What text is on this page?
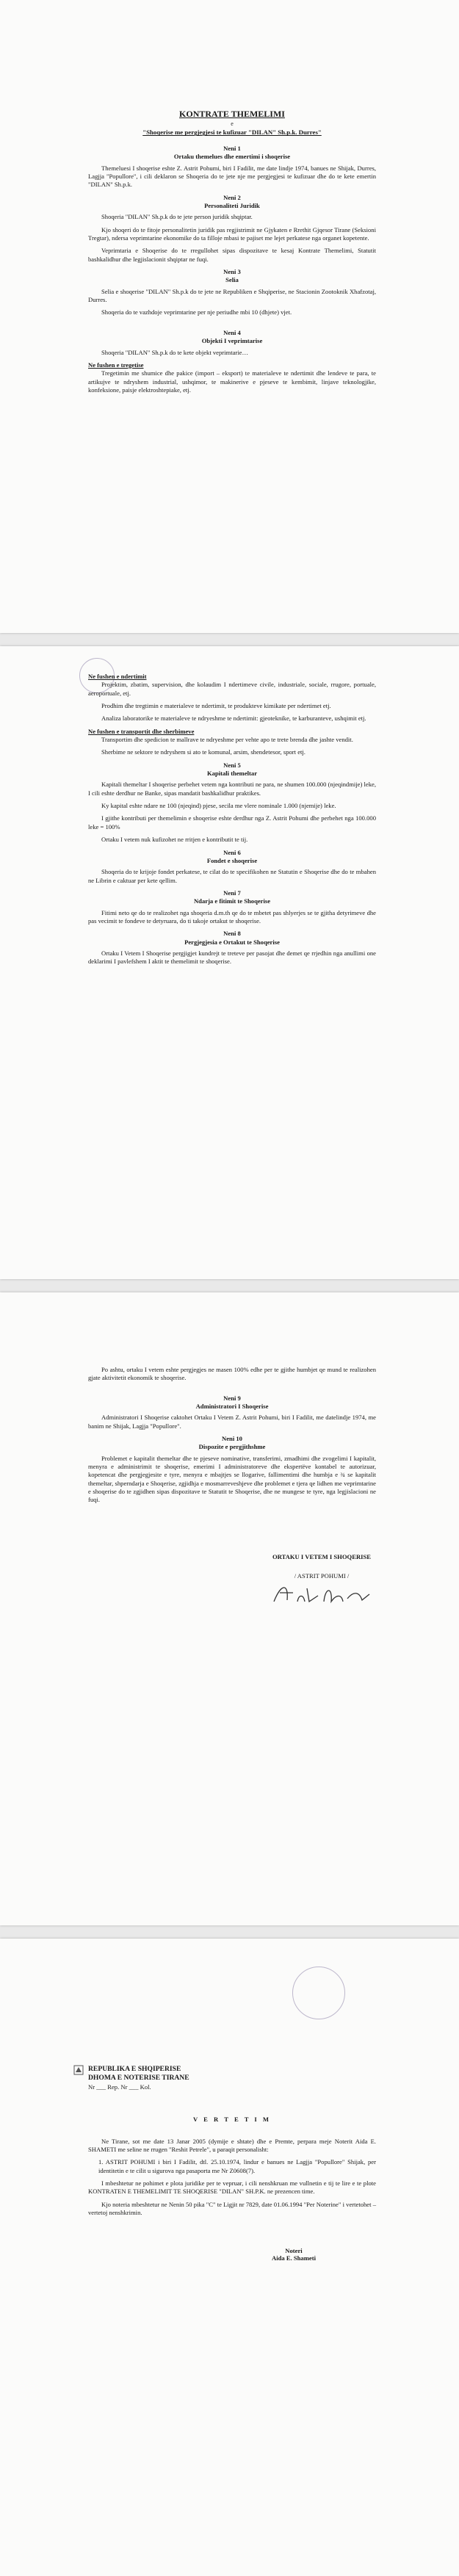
KONTRATE THEMELIMI

e

"Shoqerise me pergjegjesi te kufizuar "DILAN" Sh.p.k. Durres"

Neni 1

Ortaku themelues dhe emertimi i shoqerise

Themeluesi I shoqerise eshte Z. Astrit Pohumi, biri I Fadilit, me date lindje 1974, banues ne Shijak, Durres, Lagjja "Popullore", i cili deklaron se Shoqeria do te jete nje me pergjegjesi te kufizuar dhe do te kete emertin "DILAN" Sh.p.k.

Neni 2

Personaliteti Juridik

Shoqeria "DILAN" Sh.p.k do te jete person juridik shqiptar.

Kjo shoqeri do te fitoje personalitetin juridik pas regjistrimit ne Gjykaten e Rrethit Gjqesor Tirane (Seksioni Tregtar), ndersa veprimtarine ekonomike do ta filloje mbasi te pajiset me lejet perkatese nga organet kopetente.

Veprimtaria e Shoqerise do te rregullohet sipas dispozitave te kesaj Kontrate Themelimi, Statutit bashkalidhur dhe legjislacionit shqiptar ne fuqi.

Neni 3

Selia

Selia e shoqerise "DILAN" Sh.p.k do te jete ne Republiken e Shqiperise, ne Stacionin Zootoknik Xhafzotaj, Durres.

Shoqeria do te vazhdoje veprimtarine per nje periudhe mbi 10 (dhjete) vjet.

Neni 4

Objekti I veprimtarise

Shoqeria "DILAN" Sh.p.k do te kete objekt veprimtarie…

Ne fushen e tregetise

Tregetimin me shumice dhe pakice (import – eksport) te materialeve te ndertimit dhe lendeve te para, te artikujve te ndryshem industrial, ushqimor, te makinerive e pjeseve te kembimit, linjave teknologjike, konfeksione, paisje elektroshtepiake, etj.

Ne fushen e ndertimit

Projektim, zbatim, supervision, dhe kolaudim I ndertimeve civile, industriale, sociale, rrugore, portuale, aeroportuale, etj.

Prodhim dhe tregtimin e materialeve te ndertimit, te produkteve kimikate per ndertimet etj.

Analiza laboratorike te materialeve te ndryeshme te ndertimit: gjeoteknike, te karburanteve, ushqimit etj.

Ne fushen e transportit dhe sherbimeve

Transportim dhe spedicion te mallrave te ndryeshme per vehte apo te trete brenda dhe jashte vendit.

Sherbime ne sektore te ndryshem si ato te komunal, arsim, shendetesor, sport etj.

Neni 5

Kapitali themeltar

Kapitali themeltar I shoqerise perbehet vetem nga kontributi ne para, ne shumen 100.000 (njeqindmije) leke, I cili eshte derdhur ne Banke, sipas mandatit bashkalidhur praktikes.

Ky kapital eshte ndare ne 100 (njeqind) pjese, secila me vlere nominale 1.000 (njemije) leke.

I gjithe kontributi per themelimin e shoqerise eshte derdhur nga Z. Astrit Pohumi dhe perbehet nga 100.000 leke = 100%

Ortaku I vetem nuk kufizohet ne rritjen e kontributit te tij.

Neni 6

Fondet e shoqerise

Shoqeria do te krijoje fondet perkatese, te cilat do te specifikohen ne Statutin e Shoqerise dhe do te mbahen ne Librin e caktuar per kete qellim.

Neni 7

Ndarja e fitimit te Shoqerise

Fitimi neto qe do te realizohet nga shoqeria d.m.th qe do te mbetet pas shlyerjes se te gjitha detyrimeve dhe pas vecimit te fondeve te detyruara, do ti takoje ortakut te shoqerise.

Neni 8

Pergjegjesia e Ortakut te Shoqerise

Ortaku I Vetem I Shoqerise pergjigjet kundrejt te treteve per pasojat dhe demet qe rrjedhin nga anullimi one deklarimi I pavlefshem I aktit te themelimit te shoqerise.

Po ashtu, ortaku I vetem eshte pergjegjes ne masen 100% edhe per te gjithe humbjet qe mund te realizohen gjate aktivitetit ekonomik te shoqerise.

Neni 9

Administratori I Shoqerise

Administratori I Shoqerise caktohet Ortaku I Vetem Z. Astrit Pohumi, biri I Fadilit, me datelindje 1974, me banim ne Shijak, Lagjja "Popullore".

Neni 10

Dispozite e pergjithshme

Problemet e kapitalit themeltar dhe te pjeseve nominative, transferimi, zmadhimi dhe zvogelimi I kapitalit, menyra e administrimit te shoqerise, emerimi I administratoreve dhe ekspertëve kontabel te autorizuar, kopetencat dhe pergjegjesite e tyre, menyra e mbajtjes se llogarive, fallimentimi dhe humbja e ¾ se kapitalit themeltar, shperndarja e Shoqerise, zgjidhja e mosmarreveshjeve dhe problemet e tjera qe lidhen me veprimtarine e shoqerise do te zgjidhen sipas dispozitave te Statutit te Shoqerise, dhe ne mungese te tyre, nga legjislacioni ne fuqi.

ORTAKU I VETEM I SHOQERISE
/ ASTRIT POHUMI /
REPUBLIKA E SHQIPERISE
DHOMA E NOTERISE TIRANE
Nr ___ Rep. Nr ___ Kol.

V E R T E T I M

Ne Tirane, sot me date 13 Janar 2005 (dymije e shtate) dhe e Premte, perpara meje Noterit Aida E. SHAMETI me seline ne rrugen "Reshit Petrele", u paraqit personalisht:

1. ASTRIT POHUMI i biri I Fadilit, dtl. 25.10.1974, lindur e banues ne Lagjja "Popullore" Shijak, per identitetin e te cilit u sigurova nga pasaporta me Nr Z0608(7).

I mbeshtetur ne pohimet e plota juridike per te vepruar, i cili nenshkruan me vullnetin e tij te lire e te plote KONTRATEN E THEMELIMIT TE SHOQERISE "DILAN" SH.P.K. ne prezencen time.

Kjo noteria mbeshtetur ne Nenin 50 pika "C" te Ligjit nr 7829, date 01.06.1994 "Per Noterine" i vertetohet – vertetoj nenshkrimin.

Noteri
Aida E. Shameti
